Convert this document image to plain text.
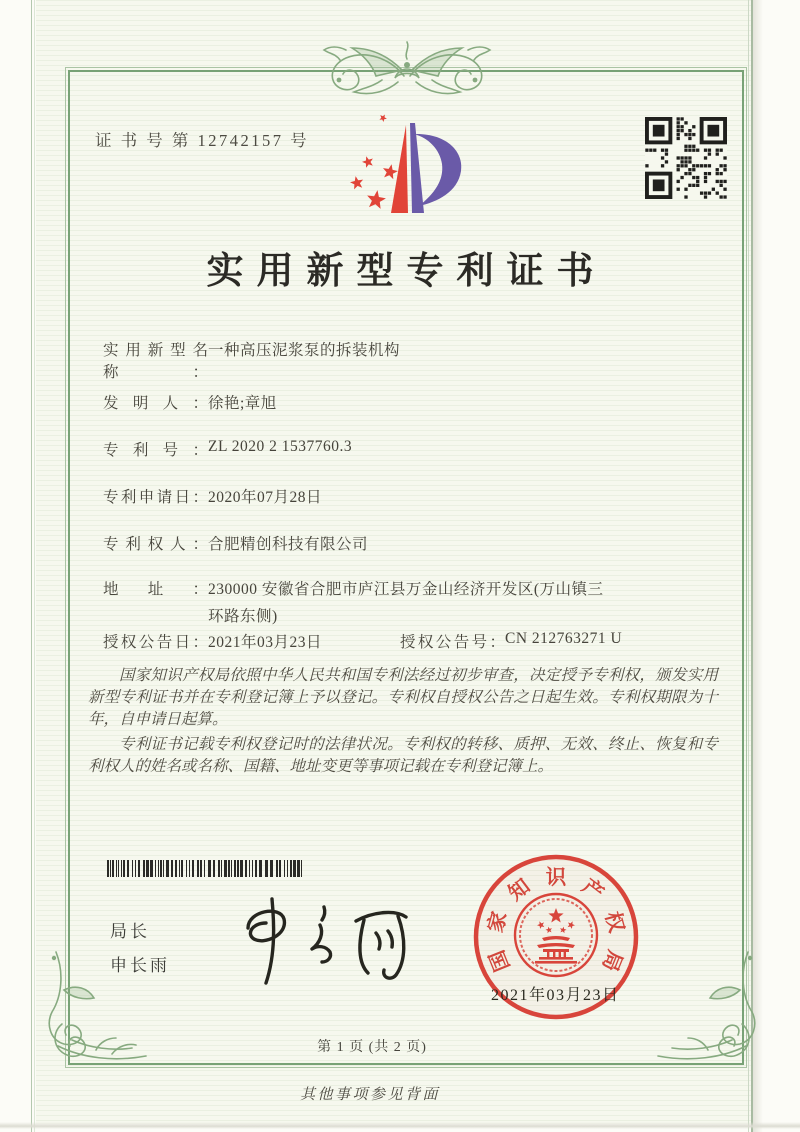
证 书 号 第 12742157 号
实用新型专利证书
实用新型名称：
一种高压泥浆泵的拆装机构
发明人： 徐艳;章旭
专利号： ZL 2020 2 1537760.3
专利申请日： 2020年07月28日
专利权人： 合肥精创科技有限公司
地址： 230000 安徽省合肥市庐江县万金山经济开发区(万山镇三环路东侧)
授权公告日： 2021年03月23日	授权公告号： CN 212763271 U

国家知识产权局依照中华人民共和国专利法经过初步审查，决定授予专利权，颁发实用新型专利证书并在专利登记簿上予以登记。专利权自授权公告之日起生效。专利权期限为十年，自申请日起算。

专利证书记载专利权登记时的法律状况。专利权的转移、质押、无效、终止、恢复和专利权人的姓名或名称、国籍、地址变更等事项记载在专利登记簿上。

局长
申长雨	国
家
知 识 产
权
局
2021年03月23日
第 1 页 (共 2 页)
其他事项参见背面
